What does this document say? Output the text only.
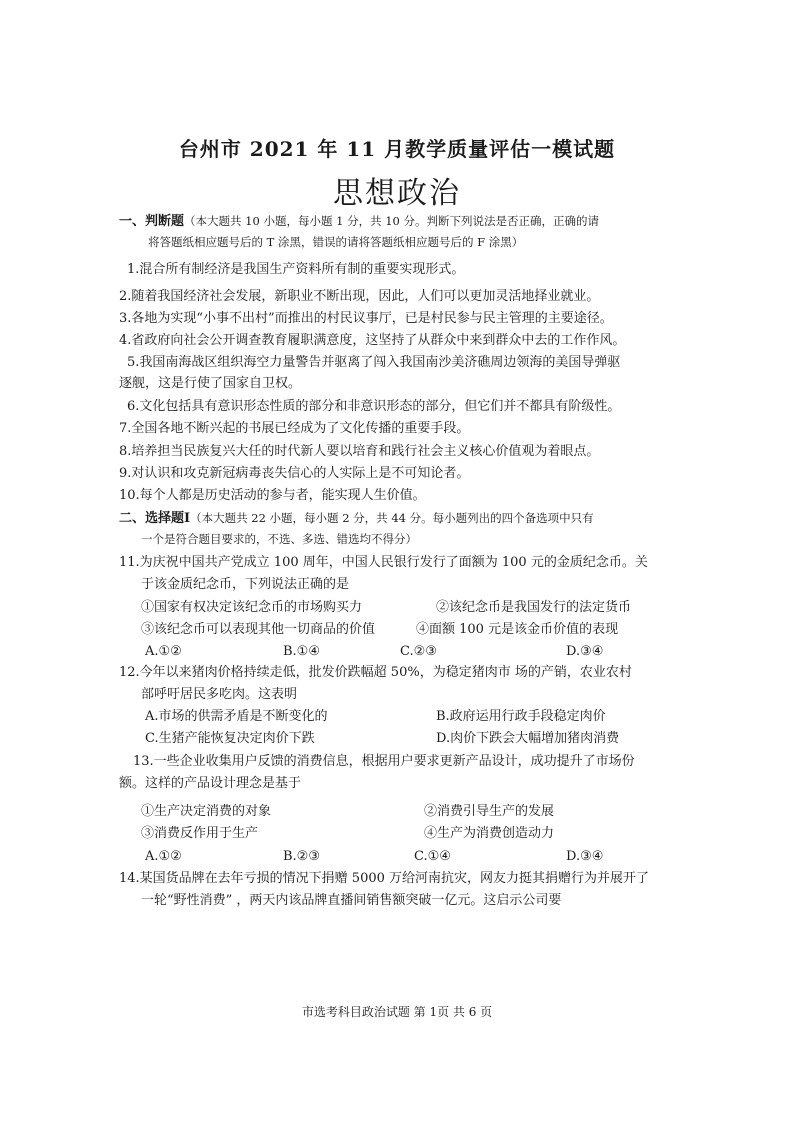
台州市 2021 年 11 月教学质量评估一模试题
思想政治
一、判断题（本大题共 10 小题，每小题 1 分，共 10 分。判断下列说法是否正确，正确的请
将答题纸相应题号后的 T 涂黑，错误的请将答题纸相应题号后的 F 涂黑）
1.混合所有制经济是我国生产资料所有制的重要实现形式。
2.随着我国经济社会发展，新职业不断出现，因此，人们可以更加灵活地择业就业。
3.各地为实现“小事不出村”而推出的村民议事厅，已是村民参与民主管理的主要途径。
4.省政府向社会公开调查教育履职满意度，这坚持了从群众中来到群众中去的工作作风。
5.我国南海战区组织海空力量警告并驱离了闯入我国南沙美济礁周边领海的美国导弹驱
逐舰，这是行使了国家自卫权。
6.文化包括具有意识形态性质的部分和非意识形态的部分，但它们并不都具有阶级性。
7.全国各地不断兴起的书展已经成为了文化传播的重要手段。
8.培养担当民族复兴大任的时代新人要以培育和践行社会主义核心价值观为着眼点。
9.对认识和攻克新冠病毒丧失信心的人实际上是不可知论者。
10.每个人都是历史活动的参与者，能实现人生价值。
二、选择题Ⅰ（本大题共 22 小题，每小题 2 分，共 44 分。每小题列出的四个备选项中只有
一个是符合题目要求的，不选、多选、错选均不得分）
11.为庆祝中国共产党成立 100 周年，中国人民银行发行了面额为 100 元的金质纪念币。关
于该金质纪念币，下列说法正确的是
①国家有权决定该纪念币的市场购买力	②该纪念币是我国发行的法定货币
③该纪念币可以表现其他一切商品的价值	④面额 100 元是该金币价值的表现
A.①②	B.①④	C.②③	D.③④
12.今年以来猪肉价格持续走低，批发价跌幅超 50%，为稳定猪肉市 场的产销，农业农村
部呼吁居民多吃肉。这表明
A.市场的供需矛盾是不断变化的	B.政府运用行政手段稳定肉价
C.生猪产能恢复决定肉价下跌	D.肉价下跌会大幅增加猪肉消费
13.一些企业收集用户反馈的消费信息，根据用户要求更新产品设计，成功提升了市场份
额。这样的产品设计理念是基于
①生产决定消费的对象	②消费引导生产的发展
③消费反作用于生产	④生产为消费创造动力
A.①②	B.②③	C.①④	D.③④
14.某国货品牌在去年亏损的情况下捐赠 5000 万给河南抗灾，网友力挺其捐赠行为并展开了
一轮“野性消费” ，两天内该品牌直播间销售额突破一亿元。这启示公司要
市选考科目政治试题 第 1页 共 6 页
